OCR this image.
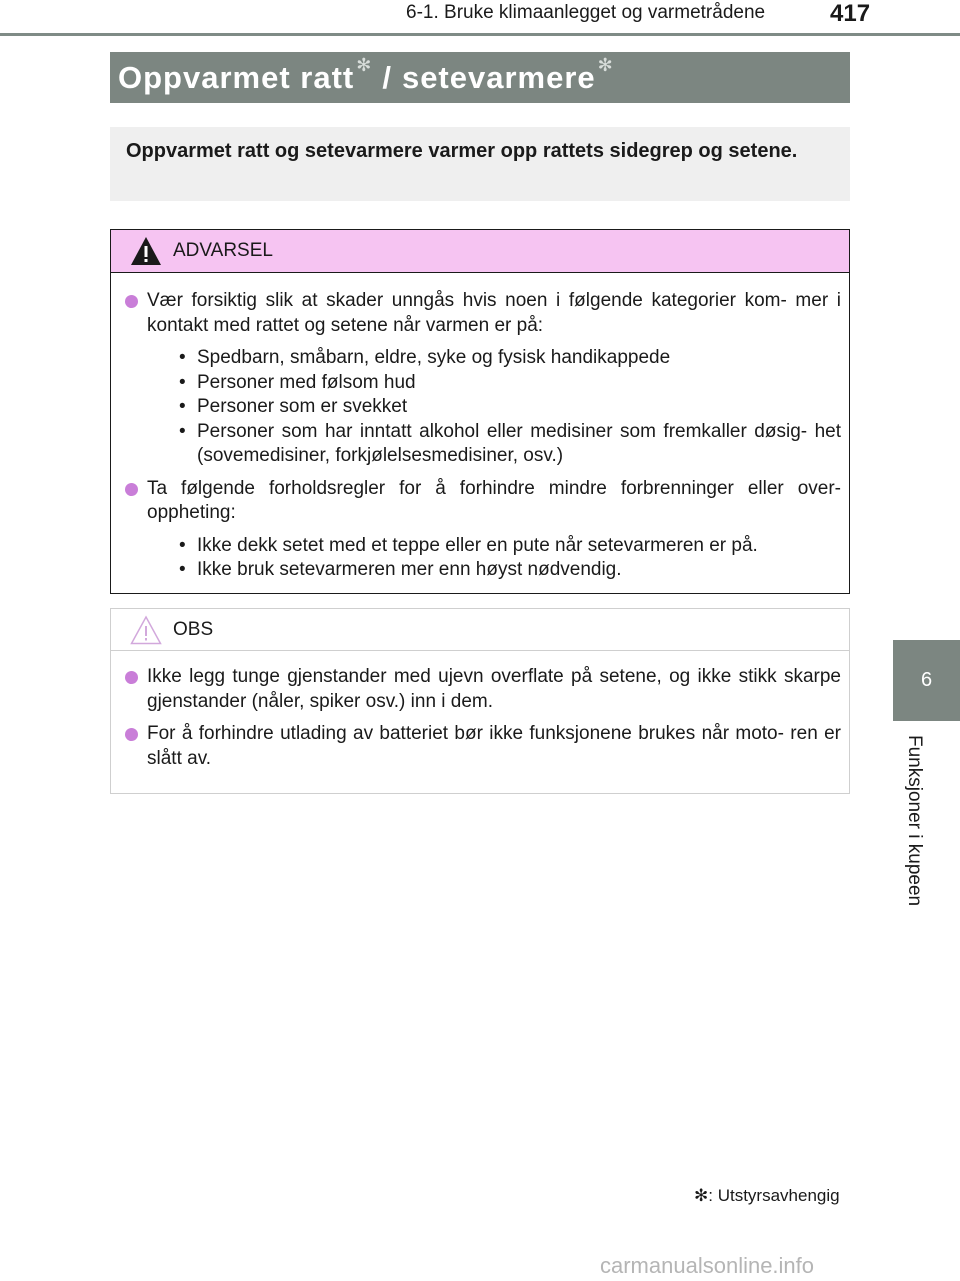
6-1. Bruke klimaanlegget og varmetrådene	417
Oppvarmet ratt ✻ / setevarmere ✻
Oppvarmet ratt og setevarmere varmer opp rattets sidegrep og setene.
ADVARSEL
Vær forsiktig slik at skader unngås hvis noen i følgende kategorier kom- mer i kontakt med rattet og setene når varmen er på:
• Spedbarn, småbarn, eldre, syke og fysisk handikappede
• Personer med følsom hud
• Personer som er svekket
• Personer som har inntatt alkohol eller medisiner som fremkaller døsig- het (sovemedisiner, forkjølelsesmedisiner, osv.)
Ta følgende forholdsregler for å forhindre mindre forbrenninger eller over- oppheting:
• Ikke dekk setet med et teppe eller en pute når setevarmeren er på.
• Ikke bruk setevarmeren mer enn høyst nødvendig.
OBS
Ikke legg tunge gjenstander med ujevn overflate på setene, og ikke stikk skarpe gjenstander (nåler, spiker osv.) inn i dem.
For å forhindre utlading av batteriet bør ikke funksjonene brukes når moto- ren er slått av.
6
Funksjoner i kupeen
✻: Utstyrsavhengig
carmanualsonline.info
